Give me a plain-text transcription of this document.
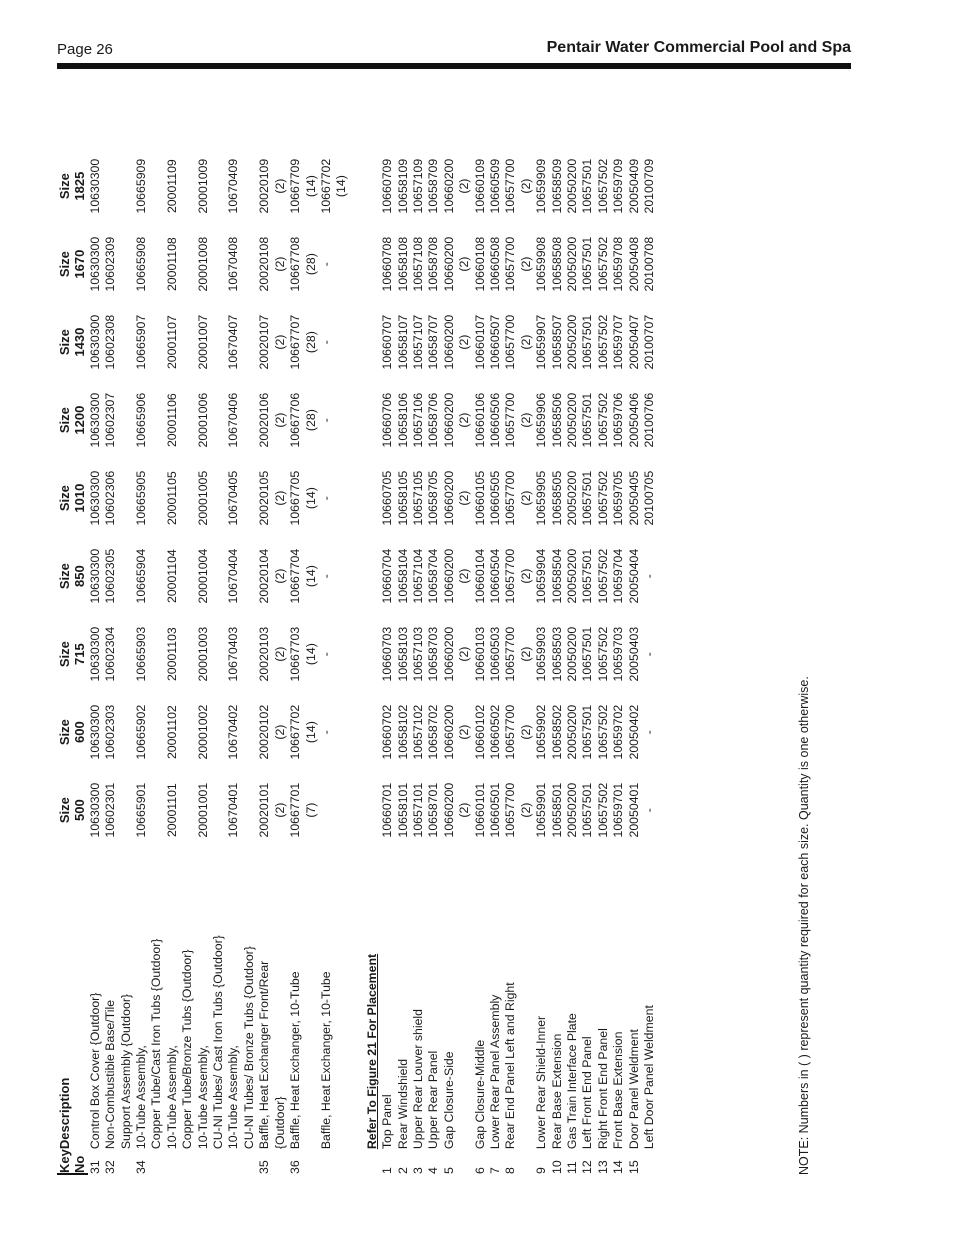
Page 26	Pentair Water Commercial Pool and Spa
Key No	Description	Size 500	Size 600	Size 715	Size 850	Size 1010	Size 1200	Size 1430	Size 1670	Size 1825

31	Control Box Cover {Outdoor}	10630300	10630300	10630300	10630300	10630300	10630300	10630300	10630300	10630300
32	Non-Combustible Base/Tile	10602301	10602303	10602304	10602305	10602306	10602307	10602308	10602309	
	Support Assembly {Outdoor}									
34	10-Tube Assembly,	10665901	10665902	10665903	10665904	10665905	10665906	10665907	10665908	10665909
	Copper Tube/Cast Iron Tubs {Outdoor}									
	10-Tube Assembly,	20001101	20001102	20001103	20001104	20001105	20001106	20001107	20001108	20001109
	Copper Tube/Bronze Tubs {Outdoor}									
	10-Tube Assembly,	20001001	20001002	20001003	20001004	20001005	20001006	20001007	20001008	20001009
	CU-NI Tubes/ Cast Iron Tubs {Outdoor}									
	10-Tube Assembly,	10670401	10670402	10670403	10670404	10670405	10670406	10670407	10670408	10670409
	CU-NI Tubes/ Bronze Tubs {Outdoor}									
35	Baffle, Heat Exchanger Front/Rear	20020101	20020102	20020103	20020104	20020105	20020106	20020107	20020108	20020109
	{Outdoor}	(2)	(2)	(2)	(2)	(2)	(2)	(2)	(2)	(2)
36	Baffle, Heat Exchanger, 10-Tube	10667701	10667702	10667703	10667704	10667705	10667706	10667707	10667708	10667709
		(7)	(14)	(14)	(14)	(14)	(28)	(28)	(28)	(14)
	Baffle, Heat Exchanger, 10-Tube		-	-	-	-	-	-	-	10667702
										(14)

	Refer To Figure 21 For Placement									
1	Top Panel	10660701	10660702	10660703	10660704	10660705	10660706	10660707	10660708	10660709
2	Rear Windshield	10658101	10658102	10658103	10658104	10658105	10658106	10658107	10658108	10658109
3	Upper Rear Louver shield	10657101	10657102	10657103	10657104	10657105	10657106	10657107	10657108	10657109
4	Upper Rear Panel	10658701	10658702	10658703	10658704	10658705	10658706	10658707	10658708	10658709
5	Gap Closure-Side	10660200	10660200	10660200	10660200	10660200	10660200	10660200	10660200	10660200
		(2)	(2)	(2)	(2)	(2)	(2)	(2)	(2)	(2)
6	Gap Closure-Middle	10660101	10660102	10660103	10660104	10660105	10660106	10660107	10660108	10660109
7	Lower Rear Panel Assembly	10660501	10660502	10660503	10660504	10660505	10660506	10660507	10660508	10660509
8	Rear End Panel Left and Right	10657700	10657700	10657700	10657700	10657700	10657700	10657700	10657700	10657700
		(2)	(2)	(2)	(2)	(2)	(2)	(2)	(2)	(2)
9	Lower Rear Shield-Inner	10659901	10659902	10659903	10659904	10659905	10659906	10659907	10659908	10659909
10	Rear Base Extension	10658501	10658502	10658503	10658504	10658505	10658506	10658507	10658508	10658509
11	Gas Train Interface Plate	20050200	20050200	20050200	20050200	20050200	20050200	20050200	20050200	20050200
12	Left Front End Panel	10657501	10657501	10657501	10657501	10657501	10657501	10657501	10657501	10657501
13	Right Front End Panel	10657502	10657502	10657502	10657502	10657502	10657502	10657502	10657502	10657502
14	Front Base Extension	10659701	10659702	10659703	10659704	10659705	10659706	10659707	10659708	10659709
15	Door Panel Weldment	20050401	20050402	20050403	20050404	20050405	20050406	20050407	20050408	20050409
	Left Door Panel Weldment	-	-	-	-	20100705	20100706	20100707	20100708	20100709
NOTE: Numbers in ( ) represent quantity required for each size. Quantity is one otherwise.
